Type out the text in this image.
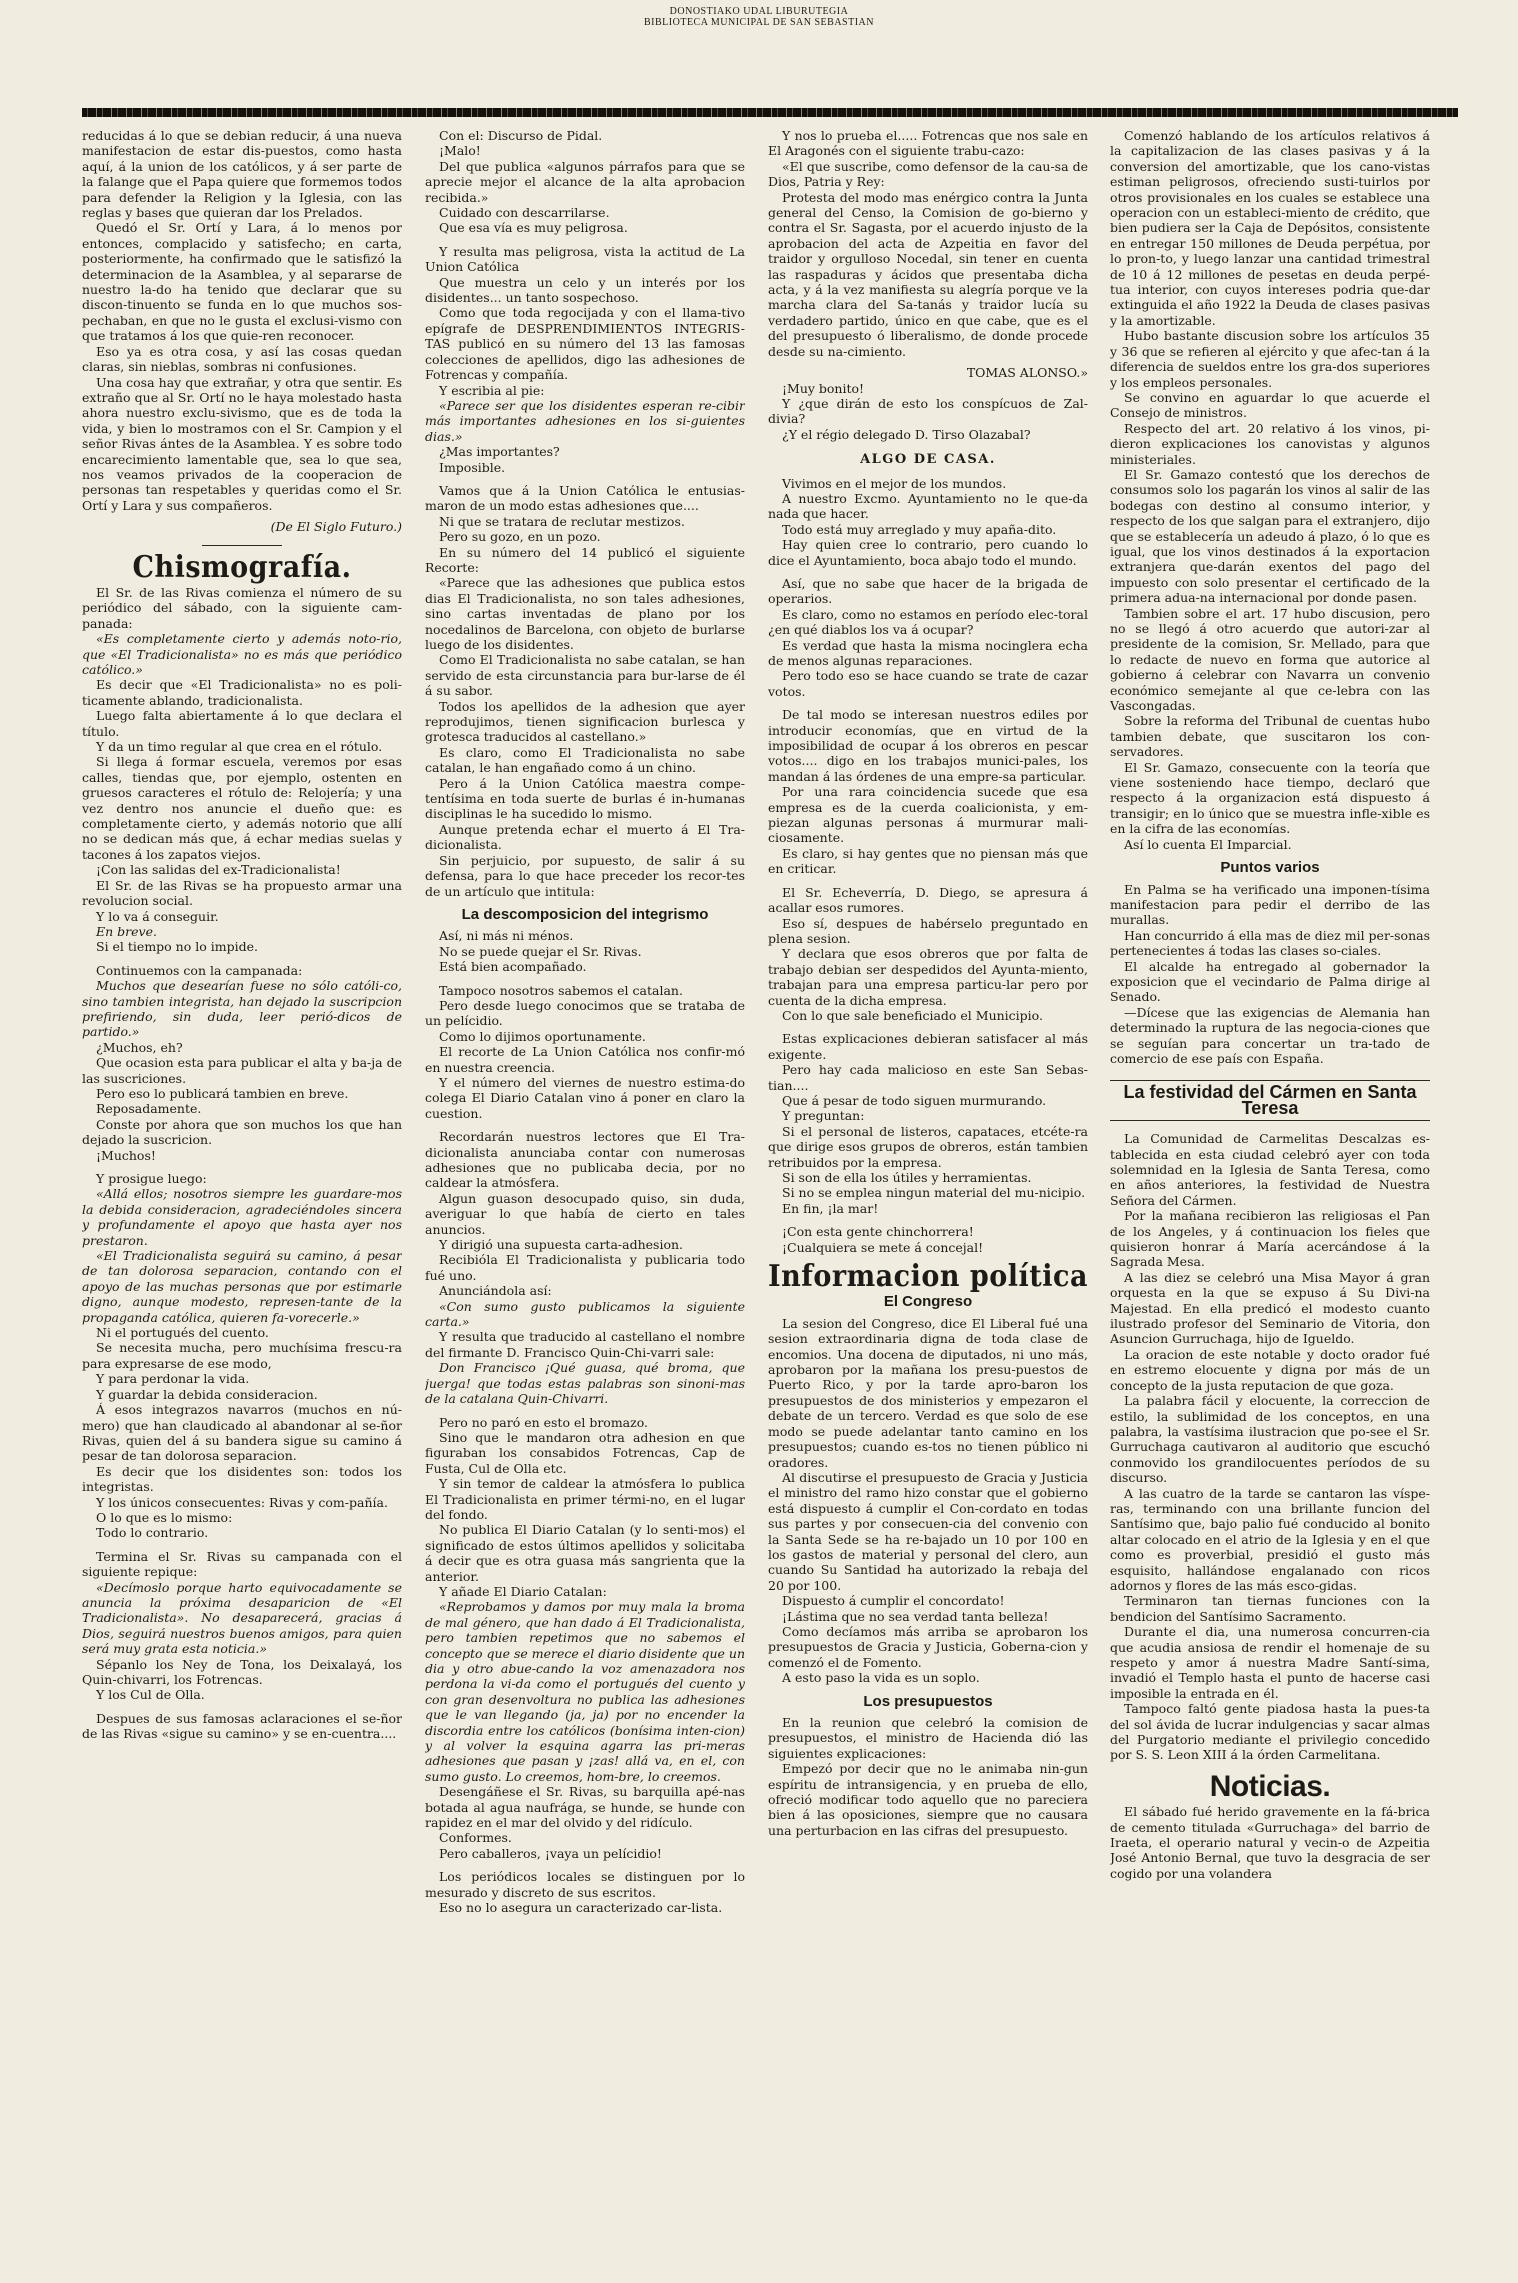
DONOSTIAKO UDAL LIBURUTEGIA
BIBLIOTECA MUNICIPAL DE SAN SEBASTIAN

reducidas á lo que se debian reducir, á una nueva manifestacion de estar dis-puestos, como hasta aquí, á la union de los católicos, y á ser parte de la falange que el Papa quiere que formemos todos para defender la Religion y la Iglesia, con las reglas y bases que quieran dar los Prelados.

Quedó el Sr. Ortí y Lara, á lo menos por entonces, complacido y satisfecho; en carta, posteriormente, ha confirmado que le satisfizó la determinacion de la Asamblea, y al separarse de nuestro la-do ha tenido que declarar que su discon-tinuento se funda en lo que muchos sos-pechaban, en que no le gusta el exclusi-vismo con que tratamos á los que quie-ren reconocer.

Eso ya es otra cosa, y así las cosas quedan claras, sin nieblas, sombras ni confusiones.

Una cosa hay que extrañar, y otra que sentir. Es extraño que al Sr. Ortí no le haya molestado hasta ahora nuestro exclu-sivismo, que es de toda la vida, y bien lo mostramos con el Sr. Campion y el señor Rivas ántes de la Asamblea. Y es sobre todo encarecimiento lamentable que, sea lo que sea, nos veamos privados de la cooperacion de personas tan respetables y queridas como el Sr. Ortí y Lara y sus compañeros.

(De El Siglo Futuro.)

Chismografía.

El Sr. de las Rivas comienza el número de su periódico del sábado, con la siguiente cam-panada:

«Es completamente cierto y además noto-rio, que «El Tradicionalista» no es más que periódico católico.»

Es decir que «El Tradicionalista» no es poli-ticamente ablando, tradicionalista.

Luego falta abiertamente á lo que declara el título.

Y da un timo regular al que crea en el rótulo.

Si llega á formar escuela, veremos por esas calles, tiendas que, por ejemplo, ostenten en gruesos caracteres el rótulo de: Relojería; y una vez dentro nos anuncie el dueño que: es completamente cierto, y además notorio que allí no se dedican más que, á echar medias suelas y tacones á los zapatos viejos.

¡Con las salidas del ex-Tradicionalista!

El Sr. de las Rivas se ha propuesto armar una revolucion social.

Y lo va á conseguir.

En breve.

Si el tiempo no lo impide.

Continuemos con la campanada:

Muchos que desearían fuese no sólo católi-co, sino tambien integrista, han dejado la suscripcion prefiriendo, sin duda, leer perió-dicos de partido.»

¿Muchos, eh?

Que ocasion esta para publicar el alta y ba-ja de las suscriciones.

Pero eso lo publicará tambien en breve.

Reposadamente.

Conste por ahora que son muchos los que han dejado la suscricion.

¡Muchos!

Y prosigue luego:

«Allá ellos; nosotros siempre les guardare-mos la debida consideracion, agradeciéndoles sincera y profundamente el apoyo que hasta ayer nos prestaron.

«El Tradicionalista seguirá su camino, á pesar de tan dolorosa separacion, contando con el apoyo de las muchas personas que por estimarle digno, aunque modesto, represen-tante de la propaganda católica, quieren fa-vorecerle.»

Ni el portugués del cuento.

Se necesita mucha, pero muchísima frescu-ra para expresarse de ese modo,

Y para perdonar la vida.

Y guardar la debida consideracion.

Á esos integrazos navarros (muchos en nú-mero) que han claudicado al abandonar al se-ñor Rivas, quien del á su bandera sigue su camino á pesar de tan dolorosa separacion.

Es decir que los disidentes son: todos los integristas.

Y los únicos consecuentes: Rivas y com-pañía.

O lo que es lo mismo:

Todo lo contrario.

Termina el Sr. Rivas su campanada con el siguiente repique:

«Decímoslo porque harto equivocadamente se anuncia la próxima desaparicion de «El Tradicionalista». No desaparecerá, gracias á Dios, seguirá nuestros buenos amigos, para quien será muy grata esta noticia.»

Sépanlo los Ney de Tona, los Deixalayá, los Quin-chivarri, los Fotrencas.

Y los Cul de Olla.

Despues de sus famosas aclaraciones el se-ñor de las Rivas «sigue su camino» y se en-cuentra....

Con el: Discurso de Pidal.

¡Malo!

Del que publica «algunos párrafos para que se aprecie mejor el alcance de la alta aprobacion recibida.»

Cuidado con descarrilarse.

Que esa vía es muy peligrosa.

Y resulta mas peligrosa, vista la actitud de La Union Católica

Que muestra un celo y un interés por los disidentes... un tanto sospechoso.

Como que toda regocijada y con el llama-tivo epígrafe de DESPRENDIMIENTOS INTEGRIS-TAS publicó en su número del 13 las famosas colecciones de apellidos, digo las adhesiones de Fotrencas y compañía.

Y escribia al pie:

«Parece ser que los disidentes esperan re-cibir más importantes adhesiones en los si-guientes dias.»

¿Mas importantes?

Imposible.

Vamos que á la Union Católica le entusias-maron de un modo estas adhesiones que....

Ni que se tratara de reclutar mestizos.

Pero su gozo, en un pozo.

En su número del 14 publicó el siguiente Recorte:

«Parece que las adhesiones que publica estos dias El Tradicionalista, no son tales adhesiones, sino cartas inventadas de plano por los nocedalinos de Barcelona, con objeto de burlarse luego de los disidentes.

Como El Tradicionalista no sabe catalan, se han servido de esta circunstancia para bur-larse de él á su sabor.

Todos los apellidos de la adhesion que ayer reprodujimos, tienen significacion burlesca y grotesca traducidos al castellano.»

Es claro, como El Tradicionalista no sabe catalan, le han engañado como á un chino.

Pero á la Union Católica maestra compe-tentísima en toda suerte de burlas é in-humanas disciplinas le ha sucedido lo mismo.

Aunque pretenda echar el muerto á El Tra-dicionalista.

Sin perjuicio, por supuesto, de salir á su defensa, para lo que hace preceder los recor-tes de un artículo que intitula:

La descomposicion del integrismo

Así, ni más ni ménos.

No se puede quejar el Sr. Rivas.

Está bien acompañado.

Tampoco nosotros sabemos el catalan.

Pero desde luego conocimos que se trataba de un pelícidio.

Como lo dijimos oportunamente.

El recorte de La Union Católica nos confir-mó en nuestra creencia.

Y el número del viernes de nuestro estima-do colega El Diario Catalan vino á poner en claro la cuestion.

Recordarán nuestros lectores que El Tra-dicionalista anunciaba contar con numerosas adhesiones que no publicaba decia, por no caldear la atmósfera.

Algun guason desocupado quiso, sin duda, averiguar lo que había de cierto en tales anuncios.

Y dirigió una supuesta carta-adhesion.

Recibióla El Tradicionalista y publicaria todo fué uno.

Anunciándola así:

«Con sumo gusto publicamos la siguiente carta.»

Y resulta que traducido al castellano el nombre del firmante D. Francisco Quin-Chi-varri sale:

Don Francisco ¡Qué guasa, qué broma, que juerga! que todas estas palabras son sinoni-mas de la catalana Quin-Chivarri.

Pero no paró en esto el bromazo.

Sino que le mandaron otra adhesion en que figuraban los consabidos Fotrencas, Cap de Fusta, Cul de Olla etc.

Y sin temor de caldear la atmósfera lo publica El Tradicionalista en primer térmi-no, en el lugar del fondo.

No publica El Diario Catalan (y lo senti-mos) el significado de estos últimos apellidos y solicitaba á decir que es otra guasa más sangrienta que la anterior.

Y añade El Diario Catalan:

«Reprobamos y damos por muy mala la broma de mal género, que han dado á El Tradicionalista, pero tambien repetimos que no sabemos el concepto que se merece el diario disidente que un dia y otro abue-cando la voz amenazadora nos perdona la vi-da como el portugués del cuento y con gran desenvoltura no publica las adhesiones que le van llegando (ja, ja) por no encender la discordia entre los católicos (bonísima inten-cion) y al volver la esquina agarra las pri-meras adhesiones que pasan y ¡zas! allá va, en el, con sumo gusto. Lo creemos, hom-bre, lo creemos.

Desengáñese el Sr. Rivas, su barquilla apé-nas botada al agua naufrága, se hunde, se hunde con rapidez en el mar del olvido y del ridículo.

Conformes.

Pero caballeros, ¡vaya un pelícidio!

Los periódicos locales se distinguen por lo mesurado y discreto de sus escritos.

Eso no lo asegura un caracterizado car-lista.

Y nos lo prueba el..... Fotrencas que nos sale en El Aragonés con el siguiente trabu-cazo:

«El que suscribe, como defensor de la cau-sa de Dios, Patria y Rey:

Protesta del modo mas enérgico contra la Junta general del Censo, la Comision de go-bierno y contra el Sr. Sagasta, por el acuerdo injusto de la aprobacion del acta de Azpeitia en favor del traidor y orgulloso Nocedal, sin tener en cuenta las raspaduras y ácidos que presentaba dicha acta, y á la vez manifiesta su alegría porque ve la marcha clara del Sa-tanás y traidor lucía su verdadero partido, único en que cabe, que es el del presupuesto ó liberalismo, de donde procede desde su na-cimiento.

TOMAS ALONSO.»

¡Muy bonito!

Y ¿que dirán de esto los conspícuos de Zal-divia?

¿Y el régio delegado D. Tirso Olazabal?

ALGO DE CASA.

Vivimos en el mejor de los mundos.

A nuestro Excmo. Ayuntamiento no le que-da nada que hacer.

Todo está muy arreglado y muy apaña-dito.

Hay quien cree lo contrario, pero cuando lo dice el Ayuntamiento, boca abajo todo el mundo.

Así, que no sabe que hacer de la brigada de operarios.

Es claro, como no estamos en período elec-toral ¿en qué diablos los va á ocupar?

Es verdad que hasta la misma nocinglera echa de menos algunas reparaciones.

Pero todo eso se hace cuando se trate de cazar votos.

De tal modo se interesan nuestros ediles por introducir economías, que en virtud de la imposibilidad de ocupar á los obreros en pescar votos.... digo en los trabajos munici-pales, los mandan á las órdenes de una empre-sa particular.

Por una rara coincidencia sucede que esa empresa es de la cuerda coalicionista, y em-piezan algunas personas á murmurar mali-ciosamente.

Es claro, si hay gentes que no piensan más que en criticar.

El Sr. Echeverría, D. Diego, se apresura á acallar esos rumores.

Eso sí, despues de habérselo preguntado en plena sesion.

Y declara que esos obreros que por falta de trabajo debian ser despedidos del Ayunta-miento, trabajan para una empresa particu-lar pero por cuenta de la dicha empresa.

Con lo que sale beneficiado el Municipio.

Estas explicaciones debieran satisfacer al más exigente.

Pero hay cada malicioso en este San Sebas-tian....

Que á pesar de todo siguen murmurando.

Y preguntan:

Si el personal de listeros, capataces, etcéte-ra que dirige esos grupos de obreros, están tambien retribuidos por la empresa.

Si son de ella los útiles y herramientas.

Si no se emplea ningun material del mu-nicipio.

En fin, ¡la mar!

¡Con esta gente chinchorrera!

¡Cualquiera se mete á concejal!

Informacion política
El Congreso

La sesion del Congreso, dice El Liberal fué una sesion extraordinaria digna de toda clase de encomios. Una docena de diputados, ni uno más, aprobaron por la mañana los presu-puestos de Puerto Rico, y por la tarde apro-baron los presupuestos de dos ministerios y empezaron el debate de un tercero. Verdad es que solo de ese modo se puede adelantar tanto camino en los presupuestos; cuando es-tos no tienen público ni oradores.

Al discutirse el presupuesto de Gracia y Justicia el ministro del ramo hizo constar que el gobierno está dispuesto á cumplir el Con-cordato en todas sus partes y por consecuen-cia del convenio con la Santa Sede se ha re-bajado un 10 por 100 en los gastos de material y personal del clero, aun cuando Su Santidad ha autorizado la rebaja del 20 por 100.

Dispuesto á cumplir el concordato!

¡Lástima que no sea verdad tanta belleza!

Como decíamos más arriba se aprobaron los presupuestos de Gracia y Justicia, Goberna-cion y comenzó el de Fomento.

A esto paso la vida es un soplo.

Los presupuestos

En la reunion que celebró la comision de presupuestos, el ministro de Hacienda dió las siguientes explicaciones:

Empezó por decir que no le animaba nin-gun espíritu de intransigencia, y en prueba de ello, ofreció modificar todo aquello que no pareciera bien á las oposiciones, siempre que no causara una perturbacion en las cifras del presupuesto.

Comenzó hablando de los artículos relativos á la capitalizacion de las clases pasivas y á la conversion del amortizable, que los cano-vistas estiman peligrosos, ofreciendo susti-tuirlos por otros provisionales en los cuales se establece una operacion con un estableci-miento de crédito, que bien pudiera ser la Caja de Depósitos, consistente en entregar 150 millones de Deuda perpétua, por lo pron-to, y luego lanzar una cantidad trimestral de 10 á 12 millones de pesetas en deuda perpé-tua interior, con cuyos intereses podria que-dar extinguida el año 1922 la Deuda de clases pasivas y la amortizable.

Hubo bastante discusion sobre los artículos 35 y 36 que se refieren al ejército y que afec-tan á la diferencia de sueldos entre los gra-dos superiores y los empleos personales.

Se convino en aguardar lo que acuerde el Consejo de ministros.

Respecto del art. 20 relativo á los vinos, pi-dieron explicaciones los canovistas y algunos ministeriales.

El Sr. Gamazo contestó que los derechos de consumos solo los pagarán los vinos al salir de las bodegas con destino al consumo interior, y respecto de los que salgan para el extranjero, dijo que se establecería un adeudo á plazo, ó lo que es igual, que los vinos destinados á la exportacion extranjera que-darán exentos del pago del impuesto con solo presentar el certificado de la primera adua-na internacional por donde pasen.

Tambien sobre el art. 17 hubo discusion, pero no se llegó á otro acuerdo que autori-zar al presidente de la comision, Sr. Mellado, para que lo redacte de nuevo en forma que autorice al gobierno á celebrar con Navarra un convenio económico semejante al que ce-lebra con las Vascongadas.

Sobre la reforma del Tribunal de cuentas hubo tambien debate, que suscitaron los con-servadores.

El Sr. Gamazo, consecuente con la teoría que viene sosteniendo hace tiempo, declaró que respecto á la organizacion está dispuesto á transigir; en lo único que se muestra infle-xible es en la cifra de las economías.

Así lo cuenta El Imparcial.

Puntos varios

En Palma se ha verificado una imponen-tísima manifestacion para pedir el derribo de las murallas.

Han concurrido á ella mas de diez mil per-sonas pertenecientes á todas las clases so-ciales.

El alcalde ha entregado al gobernador la exposicion que el vecindario de Palma dirige al Senado.

—Dícese que las exigencias de Alemania han determinado la ruptura de las negocia-ciones que se seguían para concertar un tra-tado de comercio de ese país con España.

La festividad del Cármen en Santa Teresa

La Comunidad de Carmelitas Descalzas es-tablecida en esta ciudad celebró ayer con toda solemnidad en la Iglesia de Santa Teresa, como en años anteriores, la festividad de Nuestra Señora del Cármen.

Por la mañana recibieron las religiosas el Pan de los Angeles, y á continuacion los fieles que quisieron honrar á María acercándose á la Sagrada Mesa.

A las diez se celebró una Misa Mayor á gran orquesta en la que se expuso á Su Divi-na Majestad. En ella predicó el modesto cuanto ilustrado profesor del Seminario de Vitoria, don Asuncion Gurruchaga, hijo de Igueldo.

La oracion de este notable y docto orador fué en estremo elocuente y digna por más de un concepto de la justa reputacion de que goza.

La palabra fácil y elocuente, la correccion de estilo, la sublimidad de los conceptos, en una palabra, la vastísima ilustracion que po-see el Sr. Gurruchaga cautivaron al auditorio que escuchó conmovido los grandilocuentes períodos de su discurso.

A las cuatro de la tarde se cantaron las víspe-ras, terminando con una brillante funcion del Santísimo que, bajo palio fué conducido al bonito altar colocado en el atrio de la Iglesia y en el que como es proverbial, presidió el gusto más esquisito, hallándose engalanado con ricos adornos y flores de las más esco-gidas.

Terminaron tan tiernas funciones con la bendicion del Santísimo Sacramento.

Durante el dia, una numerosa concurren-cia que acudia ansiosa de rendir el homenaje de su respeto y amor á nuestra Madre Santí-sima, invadió el Templo hasta el punto de hacerse casi imposible la entrada en él.

Tampoco faltó gente piadosa hasta la pues-ta del sol ávida de lucrar indulgencias y sacar almas del Purgatorio mediante el privilegio concedido por S. S. Leon XIII á la órden Carmelitana.

Noticias.

El sábado fué herido gravemente en la fá-brica de cemento titulada «Gurruchaga» del barrio de Iraeta, el operario natural y vecin-o de Azpeitia José Antonio Bernal, que tuvo la desgracia de ser cogido por una volandera
